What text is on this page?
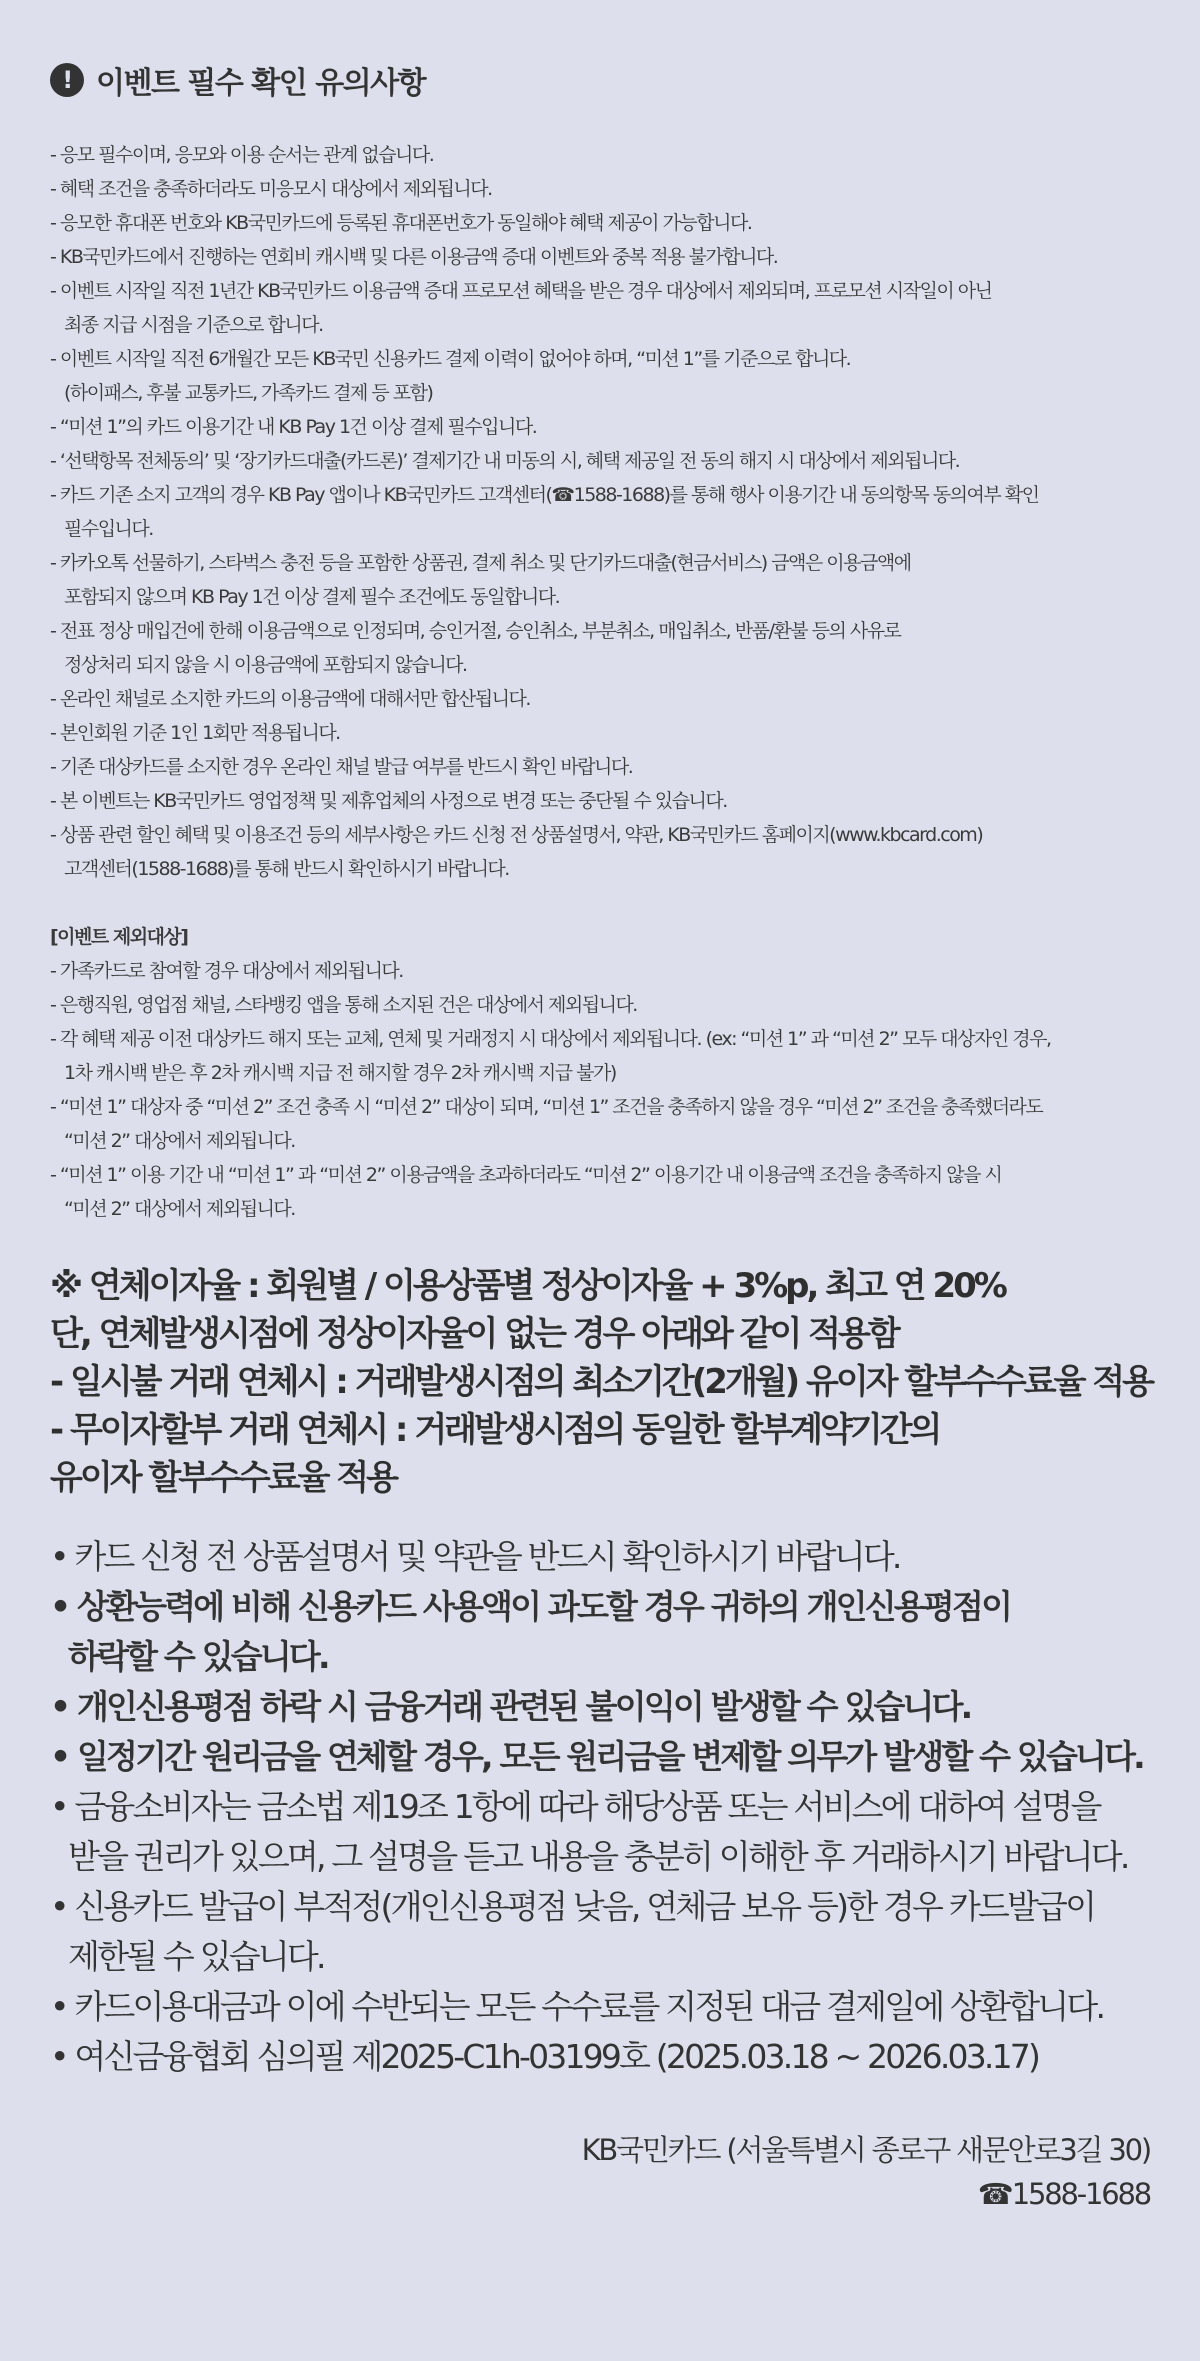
! 이벤트 필수 확인 유의사항
- 응모 필수이며, 응모와 이용 순서는 관계 없습니다.
- 혜택 조건을 충족하더라도 미응모시 대상에서 제외됩니다.
- 응모한 휴대폰 번호와 KB국민카드에 등록된 휴대폰번호가 동일해야 혜택 제공이 가능합니다.
- KB국민카드에서 진행하는 연회비 캐시백 및 다른 이용금액 증대 이벤트와 중복 적용 불가합니다.
- 이벤트 시작일 직전 1년간 KB국민카드 이용금액 증대 프로모션 혜택을 받은 경우 대상에서 제외되며, 프로모션 시작일이 아닌
최종 지급 시점을 기준으로 합니다.
- 이벤트 시작일 직전 6개월간 모든 KB국민 신용카드 결제 이력이 없어야 하며, “미션 1”를 기준으로 합니다.
(하이패스, 후불 교통카드, 가족카드 결제 등 포함)
- “미션 1”의 카드 이용기간 내 KB Pay 1건 이상 결제 필수입니다.
- ‘선택항목 전체동의’ 및 ‘장기카드대출(카드론)’ 결제기간 내 미동의 시, 혜택 제공일 전 동의 해지 시 대상에서 제외됩니다.
- 카드 기존 소지 고객의 경우 KB Pay 앱이나 KB국민카드 고객센터(☎1588-1688)를 통해 행사 이용기간 내 동의항목 동의여부 확인
필수입니다.
- 카카오톡 선물하기, 스타벅스 충전 등을 포함한 상품권, 결제 취소 및 단기카드대출(현금서비스) 금액은 이용금액에
포함되지 않으며 KB Pay 1건 이상 결제 필수 조건에도 동일합니다.
- 전표 정상 매입건에 한해 이용금액으로 인정되며, 승인거절, 승인취소, 부분취소, 매입취소, 반품/환불 등의 사유로
정상처리 되지 않을 시 이용금액에 포함되지 않습니다.
- 온라인 채널로 소지한 카드의 이용금액에 대해서만 합산됩니다.
- 본인회원 기준 1인 1회만 적용됩니다.
- 기존 대상카드를 소지한 경우 온라인 채널 발급 여부를 반드시 확인 바랍니다.
- 본 이벤트는 KB국민카드 영업정책 및 제휴업체의 사정으로 변경 또는 중단될 수 있습니다.
- 상품 관련 할인 혜택 및 이용조건 등의 세부사항은 카드 신청 전 상품설명서, 약관, KB국민카드 홈페이지(www.kbcard.com)
고객센터(1588-1688)를 통해 반드시 확인하시기 바랍니다.
[이벤트 제외대상]
- 가족카드로 참여할 경우 대상에서 제외됩니다.
- 은행직원, 영업점 채널, 스타뱅킹 앱을 통해 소지된 건은 대상에서 제외됩니다.
- 각 혜택 제공 이전 대상카드 해지 또는 교체, 연체 및 거래정지 시 대상에서 제외됩니다. (ex: “미션 1” 과 “미션 2” 모두 대상자인 경우,
1차 캐시백 받은 후 2차 캐시백 지급 전 해지할 경우 2차 캐시백 지급 불가)
- “미션 1” 대상자 중 “미션 2” 조건 충족 시 “미션 2” 대상이 되며, “미션 1” 조건을 충족하지 않을 경우 “미션 2” 조건을 충족했더라도
“미션 2” 대상에서 제외됩니다.
- “미션 1” 이용 기간 내 “미션 1” 과 “미션 2” 이용금액을 초과하더라도 “미션 2” 이용기간 내 이용금액 조건을 충족하지 않을 시
“미션 2” 대상에서 제외됩니다.
※ 연체이자율 : 회원별 / 이용상품별 정상이자율 + 3%p, 최고 연 20%
단, 연체발생시점에 정상이자율이 없는 경우 아래와 같이 적용함
- 일시불 거래 연체시 : 거래발생시점의 최소기간(2개월) 유이자 할부수수료율 적용
- 무이자할부 거래 연체시 : 거래발생시점의 동일한 할부계약기간의
유이자 할부수수료율 적용
• 카드 신청 전 상품설명서 및 약관을 반드시 확인하시기 바랍니다.
• 상환능력에 비해 신용카드 사용액이 과도할 경우 귀하의 개인신용평점이
하락할 수 있습니다.
• 개인신용평점 하락 시 금융거래 관련된 불이익이 발생할 수 있습니다.
• 일정기간 원리금을 연체할 경우, 모든 원리금을 변제할 의무가 발생할 수 있습니다.
• 금융소비자는 금소법 제19조 1항에 따라 해당상품 또는 서비스에 대하여 설명을
받을 권리가 있으며, 그 설명을 듣고 내용을 충분히 이해한 후 거래하시기 바랍니다.
• 신용카드 발급이 부적정(개인신용평점 낮음, 연체금 보유 등)한 경우 카드발급이
제한될 수 있습니다.
• 카드이용대금과 이에 수반되는 모든 수수료를 지정된 대금 결제일에 상환합니다.
• 여신금융협회 심의필 제2025-C1h-03199호 (2025.03.18 ~ 2026.03.17)
KB국민카드 (서울특별시 종로구 새문안로3길 30)
☎1588-1688
